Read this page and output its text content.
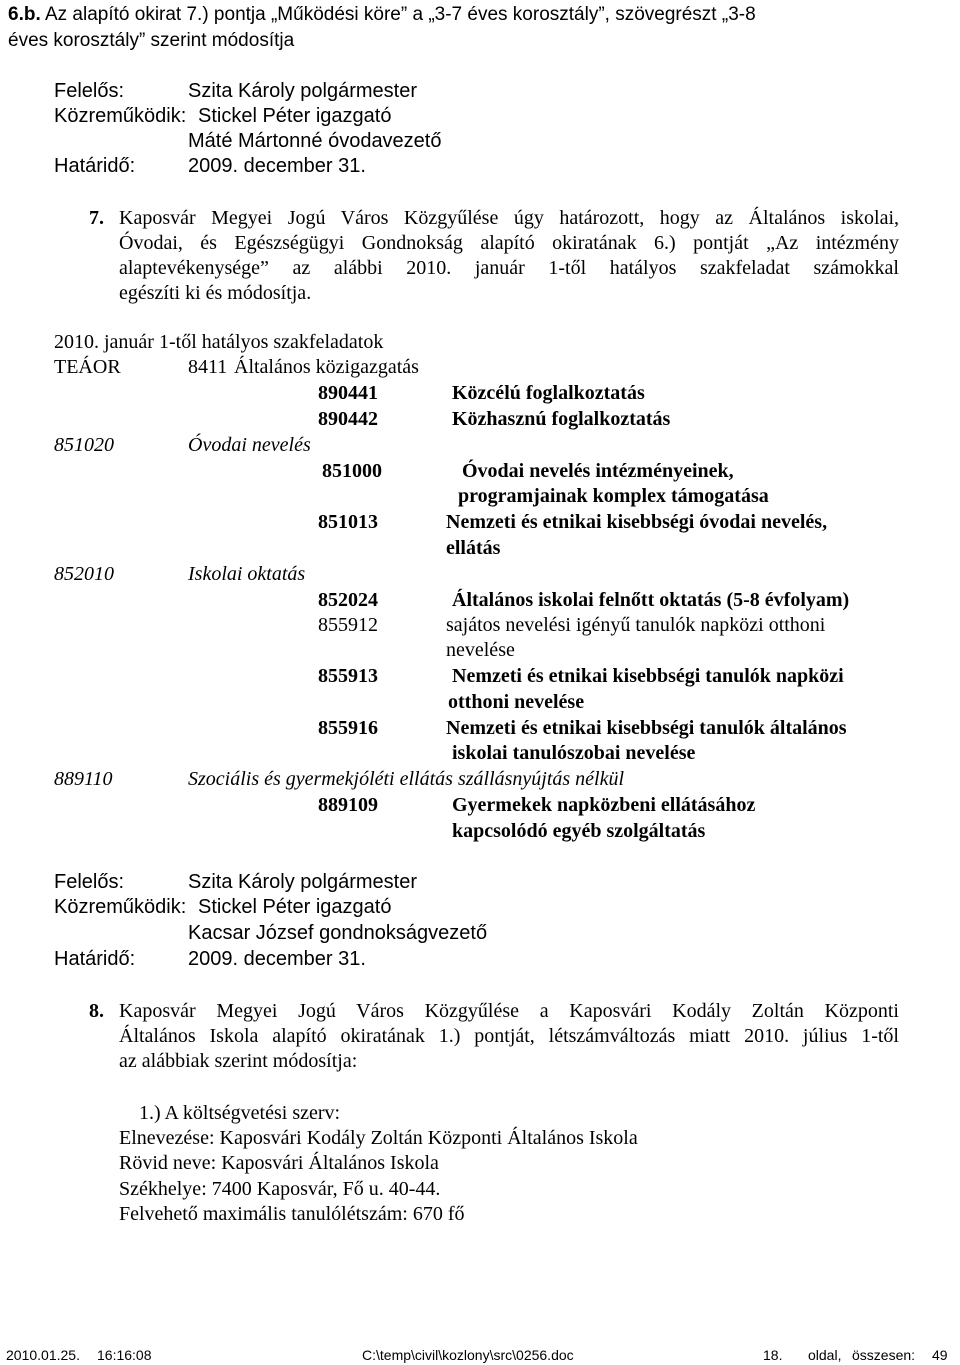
6.b. Az alapító okirat 7.) pontja „Működési köre” a „3-7 éves korosztály”, szövegrészt „3-8
éves korosztály” szerint módosítja
Felelős:	Szita Károly polgármester
Közreműködik: Stickel Péter igazgató
Máté Mártonné óvodavezető
Határidő:	2009. december 31.
7. Kaposvár Megyei Jogú Város Közgyűlése úgy határozott, hogy az Általános iskolai,
Óvodai, és Egészségügyi Gondnokság alapító okiratának 6.) pontját „Az intézmény
alaptevékenysége” az alábbi 2010. január 1-től hatályos szakfeladat számokkal
egészíti ki és módosítja.
2010. január 1-től hatályos szakfeladatok
TEÁOR	8411 Általános közigazgatás
890441	Közcélú foglalkoztatás
890442	Közhasznú foglalkoztatás
851020	Óvodai nevelés
851000	Óvodai nevelés intézményeinek,
programjainak komplex támogatása
851013	Nemzeti és etnikai kisebbségi óvodai nevelés,
ellátás
852010	Iskolai oktatás
852024	Általános iskolai felnőtt oktatás (5-8 évfolyam)
855912	sajátos nevelési igényű tanulók napközi otthoni
nevelése
855913	Nemzeti és etnikai kisebbségi tanulók napközi
otthoni nevelése
855916	Nemzeti és etnikai kisebbségi tanulók általános
iskolai tanulószobai nevelése
889110	Szociális és gyermekjóléti ellátás szállásnyújtás nélkül
889109	Gyermekek napközbeni ellátásához
kapcsolódó egyéb szolgáltatás
Felelős:	Szita Károly polgármester
Közreműködik: Stickel Péter igazgató
Kacsar József gondnokságvezető
Határidő:	2009. december 31.
8. Kaposvár Megyei Jogú Város Közgyűlése a Kaposvári Kodály Zoltán Központi
Általános Iskola alapító okiratának 1.) pontját, létszámváltozás miatt 2010. július 1-től
az alábbiak szerint módosítja:
1.) A költségvetési szerv:
Elnevezése: Kaposvári Kodály Zoltán Központi Általános Iskola
Rövid neve: Kaposvári Általános Iskola
Székhelye: 7400 Kaposvár, Fő u. 40-44.
Felvehető maximális tanulólétszám: 670 fő
2010.01.25. 16:16:08	C:\temp\civil\kozlony\src\0256.doc	18. oldal, összesen: 49
